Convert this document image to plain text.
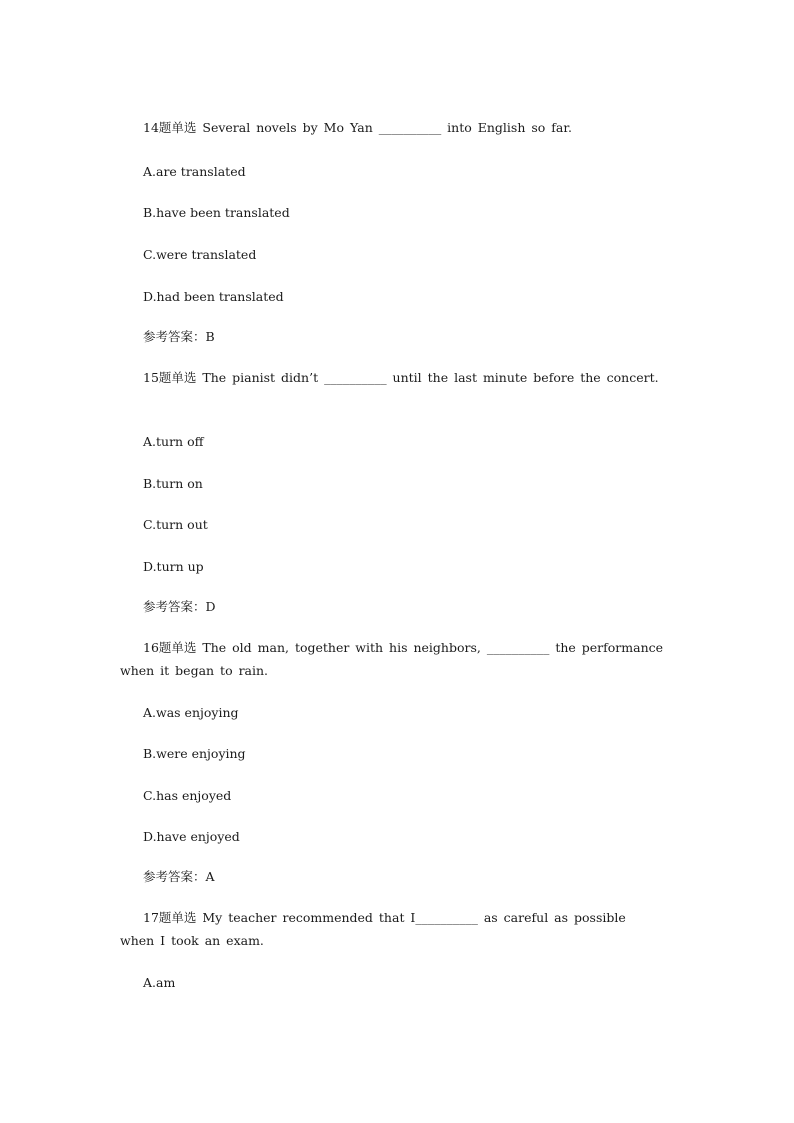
14题单选 Several novels by Mo Yan __________ into English so far.
A.are translated
B.have been translated
C.were translated
D.had been translated
参考答案：B
15题单选 The pianist didn’t __________ until the last minute before the concert.
A.turn off
B.turn on
C.turn out
D.turn up
参考答案：D
16题单选 The old man, together with his neighbors, __________ the performance when it began to rain.
A.was enjoying
B.were enjoying
C.has enjoyed
D.have enjoyed
参考答案：A
17题单选 My teacher recommended that I__________ as careful as possible when I took an exam.
A.am
